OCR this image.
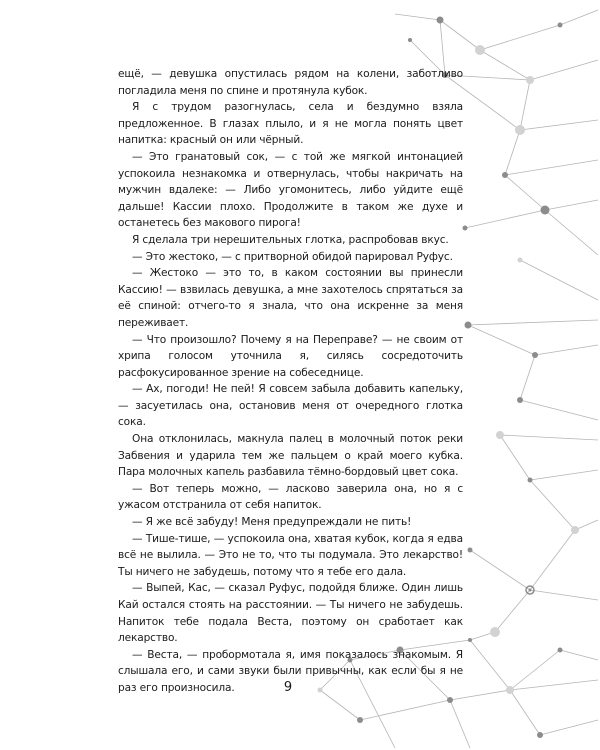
ещё, — девушка опустилась рядом на колени, заботливо погладила меня по спине и протянула кубок.

Я с трудом разогнулась, села и бездумно взяла предложенное. В глазах плыло, и я не могла понять цвет напитка: красный он или чёрный.

— Это гранатовый сок, — с той же мягкой интонацией успокоила незнакомка и отвернулась, чтобы накричать на мужчин вдалеке: — Либо угомонитесь, либо уйдите ещё дальше! Кассии плохо. Продолжите в таком же духе и останетесь без макового пирога!

Я сделала три нерешительных глотка, распробовав вкус.

— Это жестоко, — с притворной обидой парировал Руфус.

— Жестоко — это то, в каком состоянии вы принесли Кассию! — взвилась девушка, а мне захотелось спрятаться за её спиной: отчего-то я знала, что она искренне за меня переживает.

— Что произошло? Почему я на Переправе? — не своим от хрипа голосом уточнила я, силясь сосредоточить расфокусированное зрение на собеседнице.

— Ах, погоди! Не пей! Я совсем забыла добавить капельку, — засуетилась она, остановив меня от очередного глотка сока.

Она отклонилась, макнула палец в молочный поток реки Забвения и ударила тем же пальцем о край моего кубка. Пара молочных капель разбавила тёмно-бордовый цвет сока.

— Вот теперь можно, — ласково заверила она, но я с ужасом отстранила от себя напиток.

— Я же всё забуду! Меня предупреждали не пить!

— Тише-тише, — успокоила она, хватая кубок, когда я едва всё не вылила. — Это не то, что ты подумала. Это лекарство! Ты ничего не забудешь, потому что я тебе его дала.

— Выпей, Кас, — сказал Руфус, подойдя ближе. Один лишь Кай остался стоять на расстоянии. — Ты ничего не забудешь. Напиток тебе подала Веста, поэтому он сработает как лекарство.

— Веста, — пробормотала я, имя показалось знакомым. Я слышала его, и сами звуки были привычны, как если бы я не раз его произносила.	9
